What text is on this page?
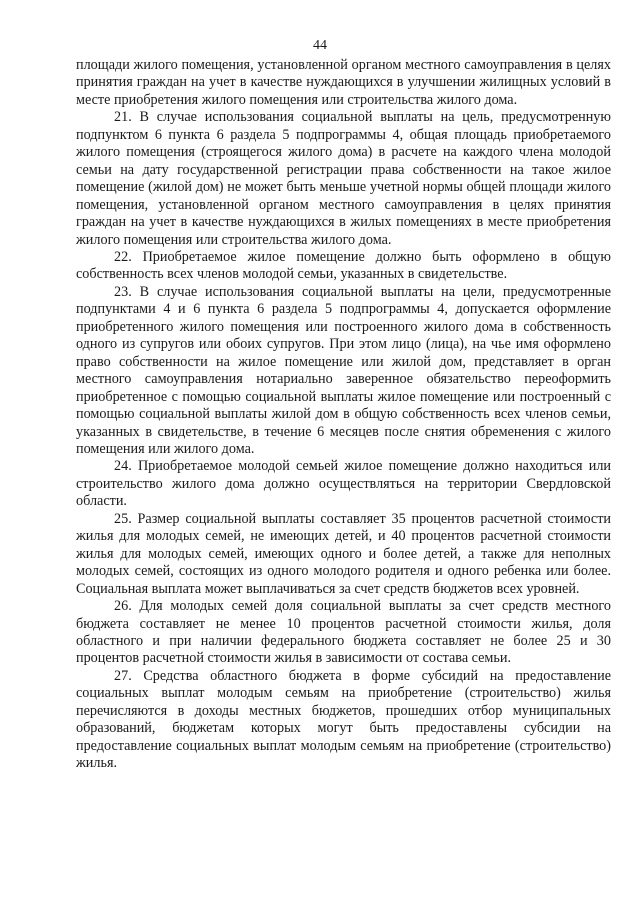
44

площади жилого помещения, установленной органом местного самоуправления в целях принятия граждан на учет в качестве нуждающихся в улучшении жилищных условий в месте приобретения жилого помещения или строительства жилого дома.

21. В случае использования социальной выплаты на цель, предусмотренную подпунктом 6 пункта 6 раздела 5 подпрограммы 4, общая площадь приобретаемого жилого помещения (строящегося жилого дома) в расчете на каждого члена молодой семьи на дату государственной регистрации права собственности на такое жилое помещение (жилой дом) не может быть меньше учетной нормы общей площади жилого помещения, установленной органом местного самоуправления в целях принятия граждан на учет в качестве нуждающихся в жилых помещениях в месте приобретения жилого помещения или строительства жилого дома.

22. Приобретаемое жилое помещение должно быть оформлено в общую собственность всех членов молодой семьи, указанных в свидетельстве.

23. В случае использования социальной выплаты на цели, предусмотренные подпунктами 4 и 6 пункта 6 раздела 5 подпрограммы 4, допускается оформление приобретенного жилого помещения или построенного жилого дома в собственность одного из супругов или обоих супругов. При этом лицо (лица), на чье имя оформлено право собственности на жилое помещение или жилой дом, представляет в орган местного самоуправления нотариально заверенное обязательство переоформить приобретенное с помощью социальной выплаты жилое помещение или построенный с помощью социальной выплаты жилой дом в общую собственность всех членов семьи, указанных в свидетельстве, в течение 6 месяцев после снятия обременения с жилого помещения или жилого дома.

24. Приобретаемое молодой семьей жилое помещение должно находиться или строительство жилого дома должно осуществляться на территории Свердловской области.

25. Размер социальной выплаты составляет 35 процентов расчетной стоимости жилья для молодых семей, не имеющих детей, и 40 процентов расчетной стоимости жилья для молодых семей, имеющих одного и более детей, а также для неполных молодых семей, состоящих из одного молодого родителя и одного ребенка или более. Социальная выплата может выплачиваться за счет средств бюджетов всех уровней.

26. Для молодых семей доля социальной выплаты за счет средств местного бюджета составляет не менее 10 процентов расчетной стоимости жилья, доля областного и при наличии федерального бюджета составляет не более 25 и 30 процентов расчетной стоимости жилья в зависимости от состава семьи.

27. Средства областного бюджета в форме субсидий на предоставление социальных выплат молодым семьям на приобретение (строительство) жилья перечисляются в доходы местных бюджетов, прошедших отбор муниципальных образований, бюджетам которых могут быть предоставлены субсидии на предоставление социальных выплат молодым семьям на приобретение (строительство) жилья.
